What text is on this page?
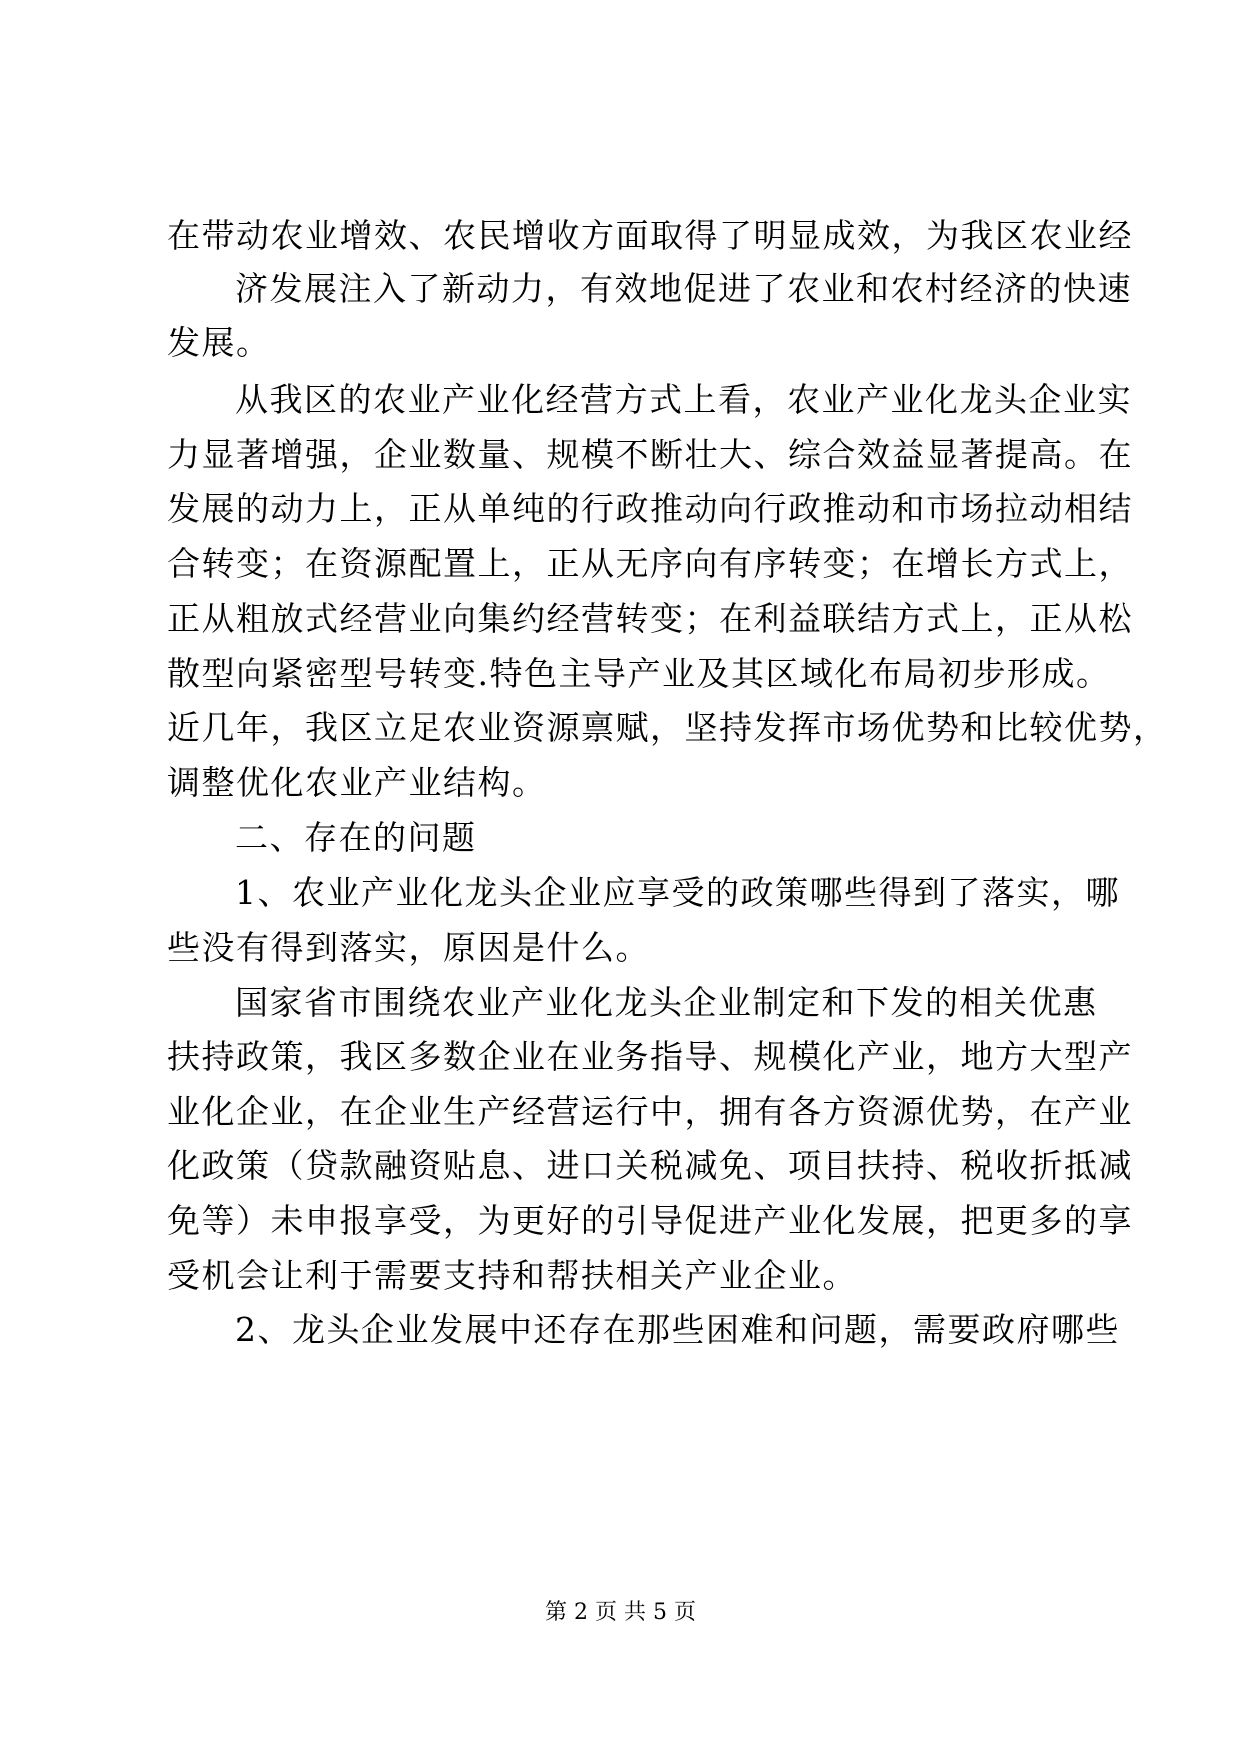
在带动农业增效、农民增收方面取得了明显成效，为我区农业经
济发展注入了新动力，有效地促进了农业和农村经济的快速
发展。
从我区的农业产业化经营方式上看，农业产业化龙头企业实
力显著增强，企业数量、规模不断壮大、综合效益显著提高。在
发展的动力上，正从单纯的行政推动向行政推动和市场拉动相结
合转变；在资源配置上，正从无序向有序转变；在增长方式上，
正从粗放式经营业向集约经营转变；在利益联结方式上，正从松
散型向紧密型号转变.特色主导产业及其区域化布局初步形成。
近几年，我区立足农业资源禀赋，坚持发挥市场优势和比较优势，
调整优化农业产业结构。
二、存在的问题
1、农业产业化龙头企业应享受的政策哪些得到了落实，哪
些没有得到落实，原因是什么。
国家省市围绕农业产业化龙头企业制定和下发的相关优惠
扶持政策，我区多数企业在业务指导、规模化产业，地方大型产
业化企业，在企业生产经营运行中，拥有各方资源优势，在产业
化政策（贷款融资贴息、进口关税减免、项目扶持、税收折抵减
免等）未申报享受，为更好的引导促进产业化发展，把更多的享
受机会让利于需要支持和帮扶相关产业企业。
2、龙头企业发展中还存在那些困难和问题，需要政府哪些
第 2 页 共 5 页
